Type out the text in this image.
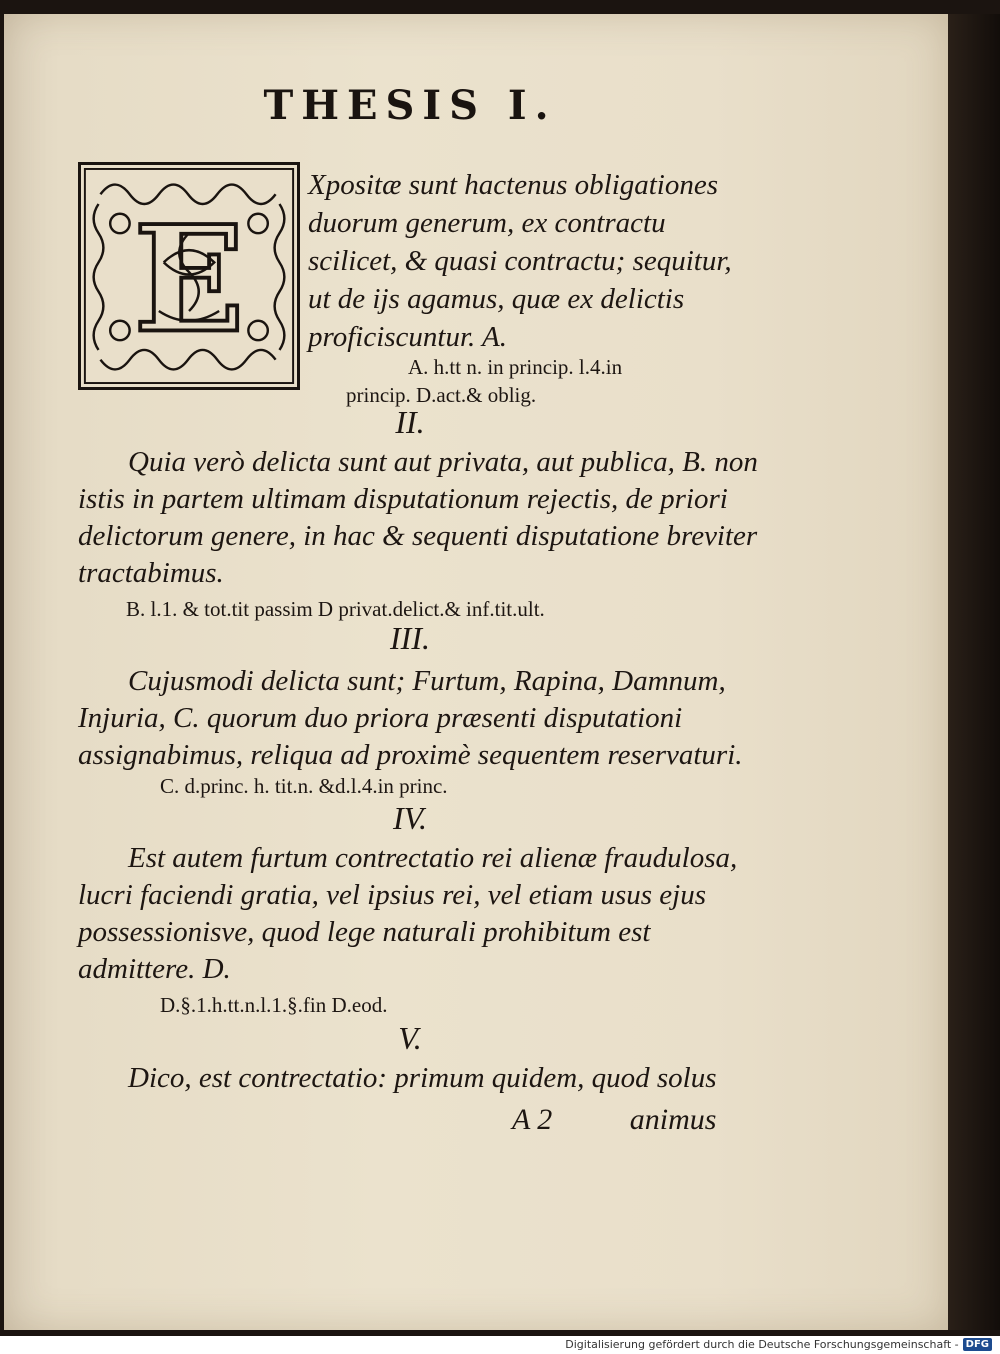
THESIS I.
E
Xpositæ sunt hactenus obligationes duorum generum, ex contractu scilicet, & quasi contractu; sequitur, ut de ijs agamus, quæ ex delictis proficiscuntur. A.
A. h.tt n. in princip. l.4.in
princip. D.act.& oblig.
II.
Quia verò delicta sunt aut privata, aut publica, B. non istis in partem ultimam disputationum rejectis, de priori delictorum genere, in hac & sequenti disputatione breviter tractabimus.
B. l.1. & tot.tit passim D privat.delict.& inf.tit.ult.
III.
Cujusmodi delicta sunt; Furtum, Rapina, Damnum, Injuria, C. quorum duo priora præsenti disputationi assignabimus, reliqua ad proximè sequentem reservaturi.
C. d.princ. h. tit.n. &d.l.4.in princ.
IV.
Est autem furtum contrectatio rei alienæ fraudulosa, lucri faciendi gratia, vel ipsius rei, vel etiam usus ejus possessionisve, quod lege naturali prohibitum est admittere. D.
D.§.1.h.tt.n.l.1.§.fin D.eod.
V.
Dico, est contrectatio: primum quidem, quod solus
A 2	animus
Digitalisierung gefördert durch die Deutsche Forschungsgemeinschaft - DFG
